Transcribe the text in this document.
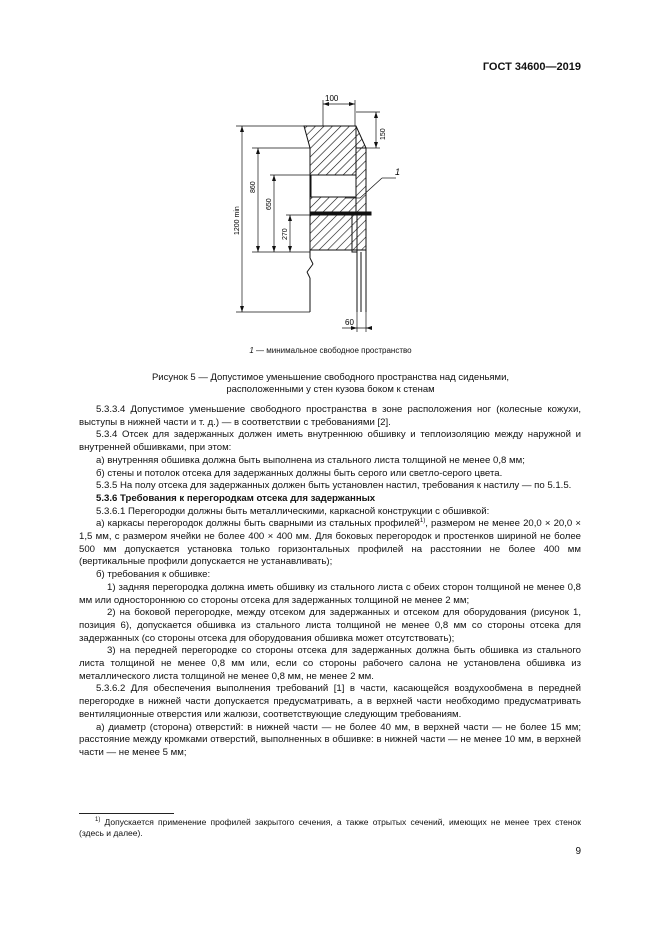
ГОСТ 34600—2019
100
150
1200 min
860
650
270
60
1
1 — минимальное свободное пространство
Рисунок 5 — Допустимое уменьшение свободного пространства над сиденьями,
расположенными у стен кузова боком к стенам

5.3.3.4 Допустимое уменьшение свободного пространства в зоне расположения ног (колесные кожухи, выступы в нижней части и т. д.) — в соответствии с требованиями [2].

5.3.4 Отсек для задержанных должен иметь внутреннюю обшивку и теплоизоляцию между наружной и внутренней обшивками, при этом:

а) внутренняя обшивка должна быть выполнена из стального листа толщиной не менее 0,8 мм;

б) стены и потолок отсека для задержанных должны быть серого или светло-серого цвета.

5.3.5 На полу отсека для задержанных должен быть установлен настил, требования к настилу — по 5.1.5.

5.3.6 Требования к перегородкам отсека для задержанных

5.3.6.1 Перегородки должны быть металлическими, каркасной конструкции с обшивкой:

а) каркасы перегородок должны быть сварными из стальных профилей$^{1)}$, размером не менее 20,0 × 20,0 × 1,5 мм, с размером ячейки не более 400 × 400 мм. Для боковых перегородок и простенков шириной не более 500 мм допускается установка только горизонтальных профилей на расстоянии не более 400 мм (вертикальные профили допускается не устанавливать);

б) требования к обшивке:

1) задняя перегородка должна иметь обшивку из стального листа с обеих сторон толщиной не менее 0,8 мм или одностороннюю со стороны отсека для задержанных толщиной не менее 2 мм;

2) на боковой перегородке, между отсеком для задержанных и отсеком для оборудования (рисунок 1, позиция 6), допускается обшивка из стального листа толщиной не менее 0,8 мм со стороны отсека для задержанных (со стороны отсека для оборудования обшивка может отсутствовать);

3) на передней перегородке со стороны отсека для задержанных должна быть обшивка из стального листа толщиной не менее 0,8 мм или, если со стороны рабочего салона не установлена обшивка из металлического листа толщиной не менее 0,8 мм, не менее 2 мм.

5.3.6.2 Для обеспечения выполнения требований [1] в части, касающейся воздухообмена в передней перегородке в нижней части допускается предусматривать, а в верхней части необходимо предусматривать вентиляционные отверстия или жалюзи, соответствующие следующим требованиям.

а) диаметр (сторона) отверстий: в нижней части — не более 40 мм, в верхней части — не более 15 мм; расстояние между кромками отверстий, выполненных в обшивке: в нижней части — не менее 10 мм, в верхней части — не менее 5 мм;

$^{1)}$ Допускается применение профилей закрытого сечения, а также отрытых сечений, имеющих не менее трех стенок (здесь и далее).
9
